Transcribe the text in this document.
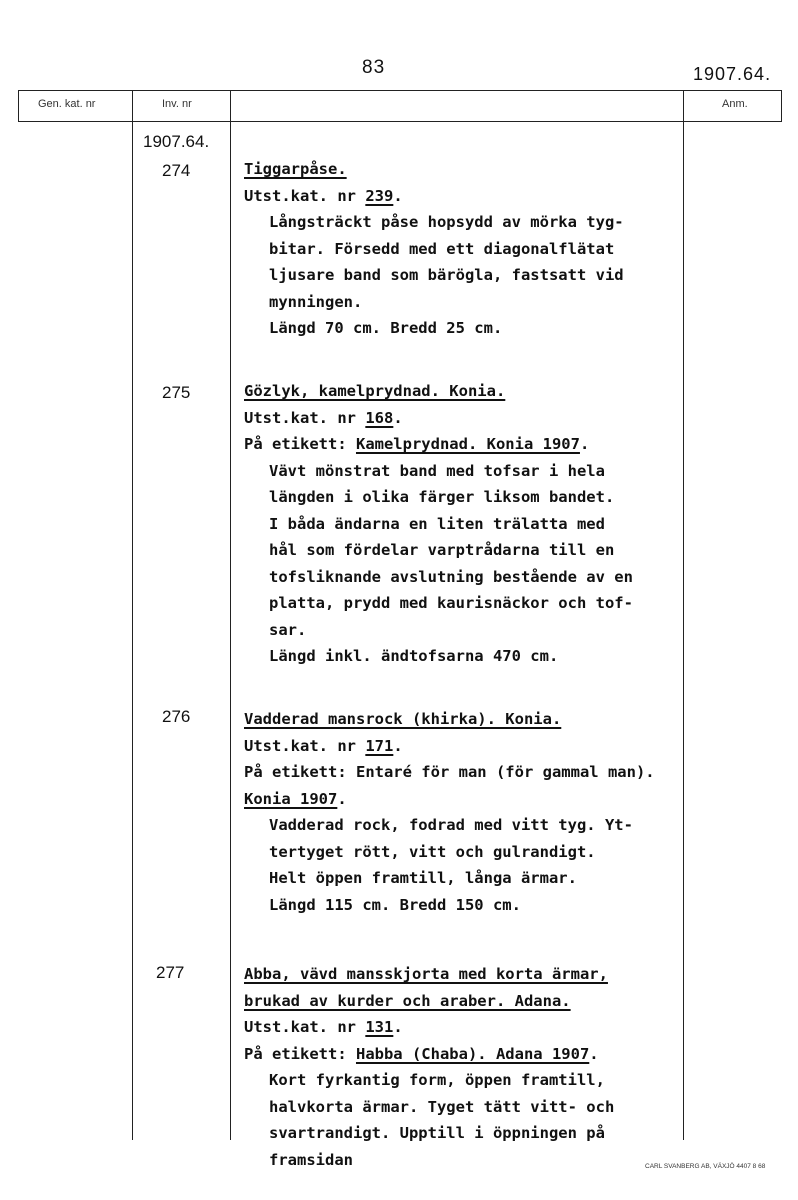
83	1907.64.
Gen. kat. nr	Inv. nr	Anm.
1907.64.
274	Tiggarpåse.
Utst.kat. nr 239.
Långsträckt påse hopsydd av mörka tyg-
bitar. Försedd med ett diagonalflätat
ljusare band som bärögla, fastsatt vid
mynningen.
Längd 70 cm. Bredd 25 cm.
275	Gözlyk, kamelprydnad. Konia.
Utst.kat. nr 168.
På etikett: Kamelprydnad. Konia 1907.
Vävt mönstrat band med tofsar i hela
längden i olika färger liksom bandet.
I båda ändarna en liten trälatta med
hål som fördelar varptrådarna till en
tofsliknande avslutning bestående av en
platta, prydd med kaurisnäckor och tof-
sar.
Längd inkl. ändtofsarna 470 cm.
276	Vadderad mansrock (khirka). Konia.
Utst.kat. nr 171.
På etikett: Entaré för man (för gammal man).
Konia 1907.
Vadderad rock, fodrad med vitt tyg. Yt-
tertyget rött, vitt och gulrandigt.
Helt öppen framtill, långa ärmar.
Längd 115 cm. Bredd 150 cm.
277	Abba, vävd mansskjorta med korta ärmar,
brukad av kurder och araber. Adana.
Utst.kat. nr 131.
På etikett: Habba (Chaba). Adana 1907.
Kort fyrkantig form, öppen framtill,
halvkorta ärmar. Tyget tätt vitt- och
svartrandigt. Upptill i öppningen på
framsidan	CARL SVANBERG AB, VÄXJÖ 4407 8 68
